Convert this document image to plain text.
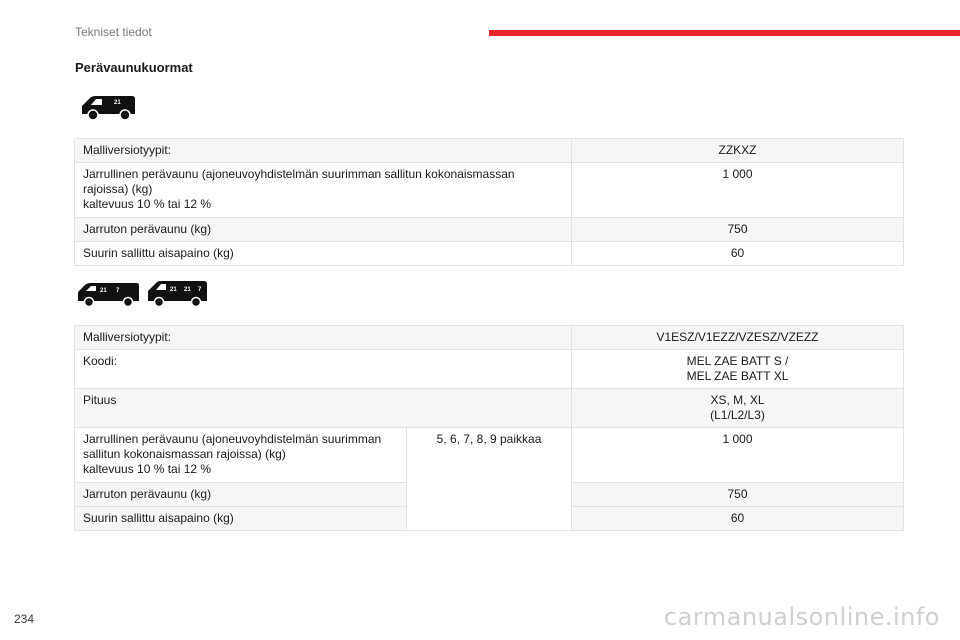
Tekniset tiedot
Perävaunukuormat
21
Malliversiotyypit:	ZZKXZ

Jarrullinen perävaunu (ajoneuvoyhdistelmän suurimman sallitun kokonaismassan
rajoissa) (kg)
kaltevuus 10 % tai 12 %	1 000
Jarruton perävaunu (kg)	750
Suurin sallittu aisapaino (kg)	60
21 7	21 21 7
Malliversiotyypit:		V1ESZ/V1EZZ/VZESZ/VZEZZ
Koodi:		MEL ZAE BATT S /
MEL ZAE BATT XL

Pituus		XS, M, XL
(L1/L2/L3)

Jarrullinen perävaunu (ajoneuvoyhdistelmän suurimman
sallitun kokonaismassan rajoissa) (kg)
kaltevuus 10 % tai 12 %	5, 6, 7, 8, 9 paikkaa	1 000
Jarruton perävaunu (kg)		750
Suurin sallittu aisapaino (kg)		60
234	carmanualsonline.info
